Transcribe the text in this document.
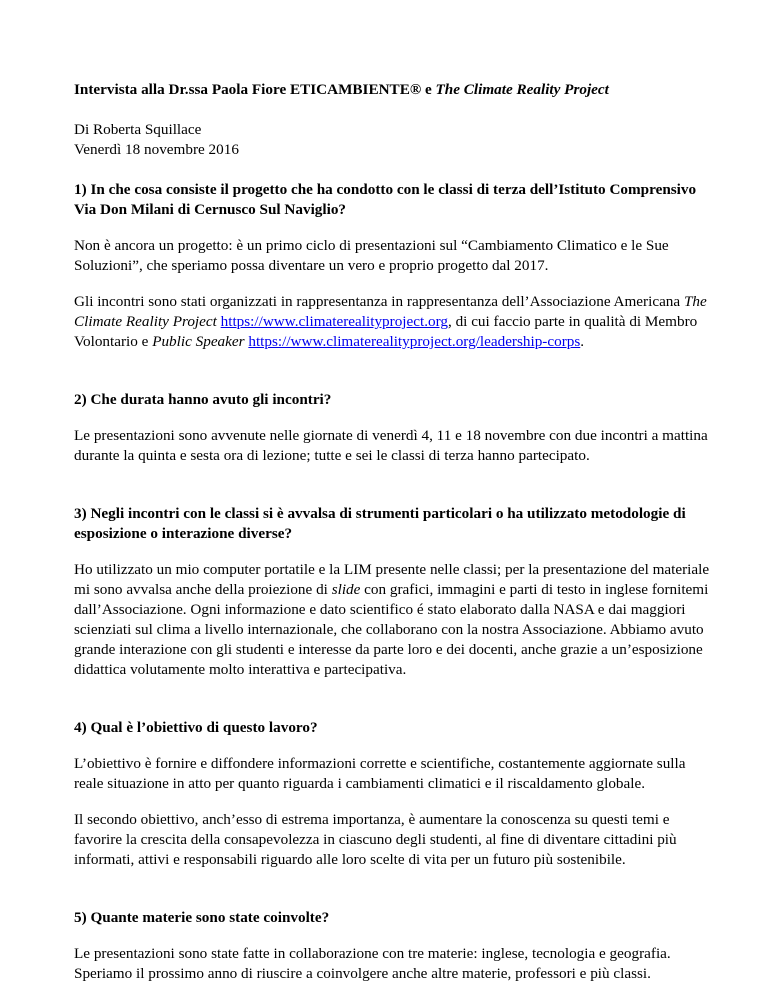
Intervista alla Dr.ssa Paola Fiore ETICAMBIENTE® e The Climate Reality Project

Di Roberta Squillace

Venerdì 18 novembre 2016

1) In che cosa consiste il progetto che ha condotto con le classi di terza dell’Istituto Comprensivo Via Don Milani di Cernusco Sul Naviglio?

Non è ancora un progetto: è un primo ciclo di presentazioni sul “Cambiamento Climatico e le Sue Soluzioni”, che speriamo possa diventare un vero e proprio progetto dal 2017.

Gli incontri sono stati organizzati in rappresentanza in rappresentanza dell’Associazione Americana The Climate Reality Project https://www.climaterealityproject.org, di cui faccio parte in qualità di Membro Volontario e Public Speaker https://www.climaterealityproject.org/leadership-corps.

2) Che durata hanno avuto gli incontri?

Le presentazioni sono avvenute nelle giornate di venerdì 4, 11 e 18 novembre con due incontri a mattina durante la quinta e sesta ora di lezione; tutte e sei le classi di terza hanno partecipato.

3) Negli incontri con le classi si è avvalsa di strumenti particolari o ha utilizzato metodologie di esposizione o interazione diverse?

Ho utilizzato un mio computer portatile e la LIM presente nelle classi; per la presentazione del materiale mi sono avvalsa anche della proiezione di slide con grafici, immagini e parti di testo in inglese fornitemi dall’Associazione. Ogni informazione e dato scientifico é stato elaborato dalla NASA e dai maggiori scienziati sul clima a livello internazionale, che collaborano con la nostra Associazione. Abbiamo avuto grande interazione con gli studenti e interesse da parte loro e dei docenti, anche grazie a un’esposizione didattica volutamente molto interattiva e partecipativa.

4) Qual è l’obiettivo di questo lavoro?

L’obiettivo è fornire e diffondere informazioni corrette e scientifiche, costantemente aggiornate sulla reale situazione in atto per quanto riguarda i cambiamenti climatici e il riscaldamento globale.

Il secondo obiettivo, anch’esso di estrema importanza, è aumentare la conoscenza su questi temi e favorire la crescita della consapevolezza in ciascuno degli studenti, al fine di diventare cittadini più informati, attivi e responsabili riguardo alle loro scelte di vita per un futuro più sostenibile.

5) Quante materie sono state coinvolte?

Le presentazioni sono state fatte in collaborazione con tre materie: inglese, tecnologia e geografia. Speriamo il prossimo anno di riuscire a coinvolgere anche altre materie, professori e più classi.
